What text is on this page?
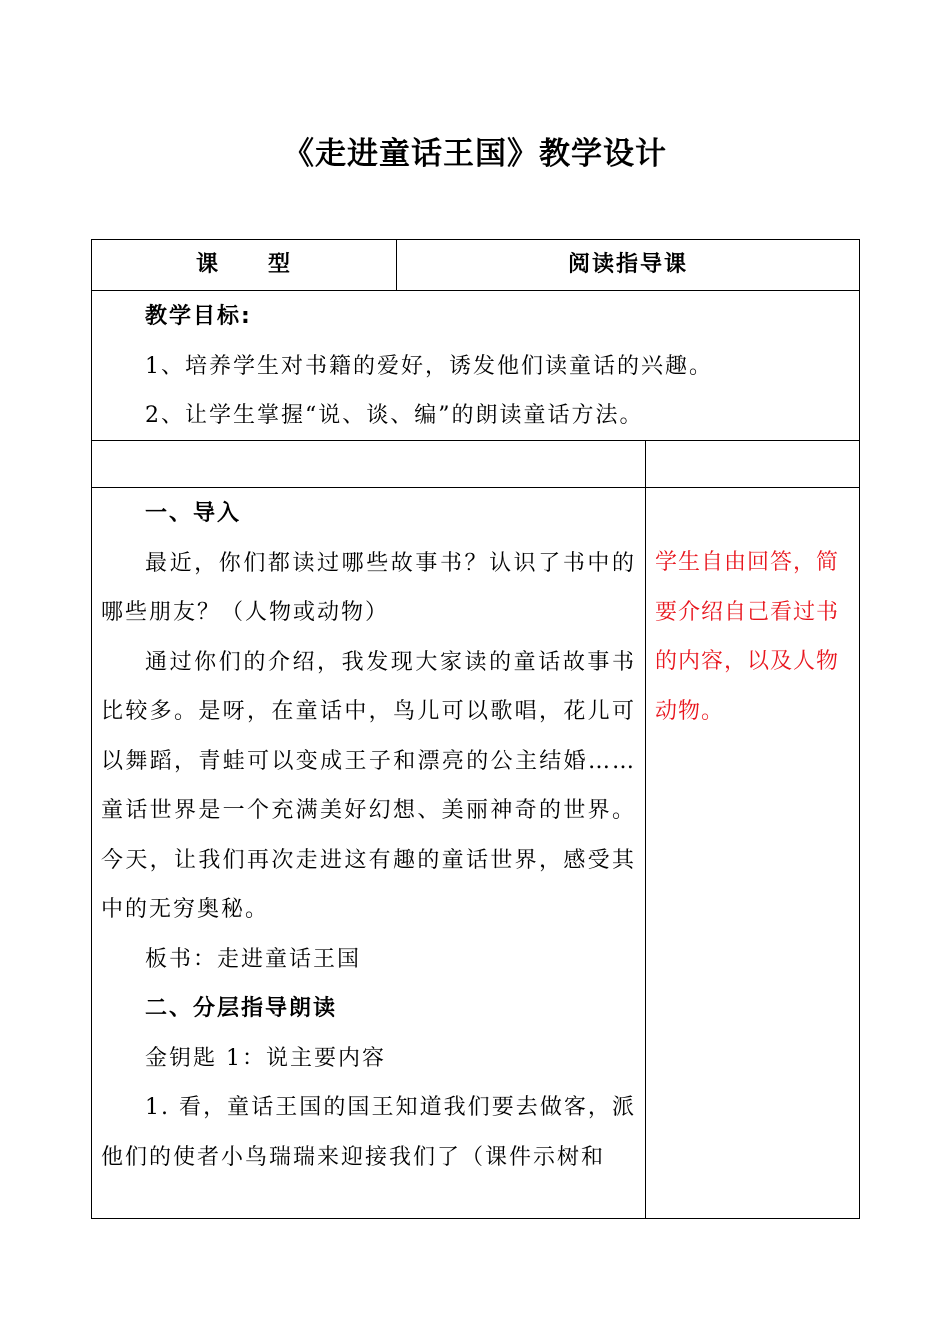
《走进童话王国》教学设计
课　　型	阅读指导课

教学目标:

1、培养学生对书籍的爱好，诱发他们读童话的兴趣。

2、让学生掌握“说、谈、编”的朗读童话方法。

一、导入

最近，你们都读过哪些故事书？认识了书中的哪些朋友？（人物或动物）

通过你们的介绍，我发现大家读的童话故事书比较多。是呀，在童话中，鸟儿可以歌唱，花儿可以舞蹈，青蛙可以变成王子和漂亮的公主结婚……童话世界是一个充满美好幻想、美丽神奇的世界。今天，让我们再次走进这有趣的童话世界，感受其中的无穷奥秘。

板书：走进童话王国

二、分层指导朗读

金钥匙 1：说主要内容

1. 看，童话王国的国王知道我们要去做客，派他们的使者小鸟瑞瑞来迎接我们了（课件示树和

学生自由回答，简要介绍自己看过书的内容，以及人物动物。
